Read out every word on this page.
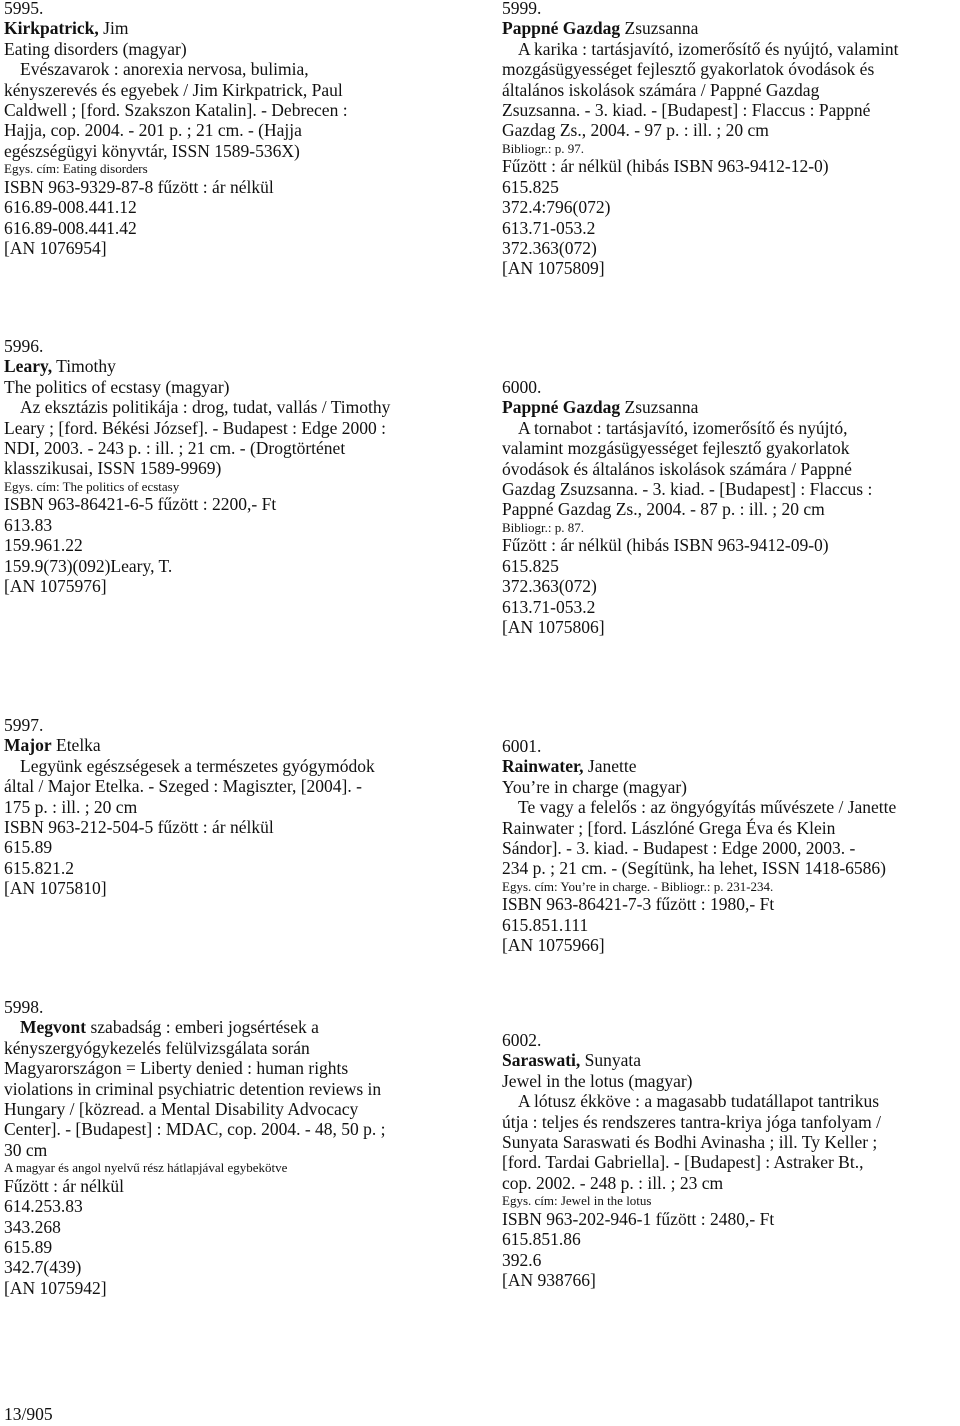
5995.
Kirkpatrick, Jim
Eating disorders (magyar)
Evészavarok : anorexia nervosa, bulimia,
kényszerevés és egyebek / Jim Kirkpatrick, Paul
Caldwell ; [ford. Szakszon Katalin]. - Debrecen :
Hajja, cop. 2004. - 201 p. ; 21 cm. - (Hajja
egészségügyi könyvtár, ISSN 1589-536X)
Egys. cím: Eating disorders
ISBN 963-9329-87-8 fűzött : ár nélkül
616.89-008.441.12
616.89-008.441.42
[AN 1076954]
5996.
Leary, Timothy
The politics of ecstasy (magyar)
Az eksztázis politikája : drog, tudat, vallás / Timothy
Leary ; [ford. Békési József]. - Budapest : Edge 2000 :
NDI, 2003. - 243 p. : ill. ; 21 cm. - (Drogtörténet
klasszikusai, ISSN 1589-9969)
Egys. cím: The politics of ecstasy
ISBN 963-86421-6-5 fűzött : 2200,- Ft
613.83
159.961.22
159.9(73)(092)Leary, T.
[AN 1075976]
5997.
Major Etelka
Legyünk egészségesek a természetes gyógymódok
által / Major Etelka. - Szeged : Magiszter, [2004]. -
175 p. : ill. ; 20 cm
ISBN 963-212-504-5 fűzött : ár nélkül
615.89
615.821.2
[AN 1075810]
5998.
Megvont szabadság : emberi jogsértések a
kényszergyógykezelés felülvizsgálata során
Magyarországon = Liberty denied : human rights
violations in criminal psychiatric detention reviews in
Hungary / [közread. a Mental Disability Advocacy
Center]. - [Budapest] : MDAC, cop. 2004. - 48, 50 p. ;
30 cm
A magyar és angol nyelvű rész hátlapjával egybekötve
Fűzött : ár nélkül
614.253.83
343.268
615.89
342.7(439)
[AN 1075942]
5999.
Pappné Gazdag Zsuzsanna
A karika : tartásjavító, izomerősítő és nyújtó, valamint
mozgásügyességet fejlesztő gyakorlatok óvodások és
általános iskolások számára / Pappné Gazdag
Zsuzsanna. - 3. kiad. - [Budapest] : Flaccus : Pappné
Gazdag Zs., 2004. - 97 p. : ill. ; 20 cm
Bibliogr.: p. 97.
Fűzött : ár nélkül (hibás ISBN 963-9412-12-0)
615.825
372.4:796(072)
613.71-053.2
372.363(072)
[AN 1075809]
6000.
Pappné Gazdag Zsuzsanna
A tornabot : tartásjavító, izomerősítő és nyújtó,
valamint mozgásügyességet fejlesztő gyakorlatok
óvodások és általános iskolások számára / Pappné
Gazdag Zsuzsanna. - 3. kiad. - [Budapest] : Flaccus :
Pappné Gazdag Zs., 2004. - 87 p. : ill. ; 20 cm
Bibliogr.: p. 87.
Fűzött : ár nélkül (hibás ISBN 963-9412-09-0)
615.825
372.363(072)
613.71-053.2
[AN 1075806]
6001.
Rainwater, Janette
You’re in charge (magyar)
Te vagy a felelős : az öngyógyítás művészete / Janette
Rainwater ; [ford. Lászlóné Grega Éva és Klein
Sándor]. - 3. kiad. - Budapest : Edge 2000, 2003. -
234 p. ; 21 cm. - (Segítünk, ha lehet, ISSN 1418-6586)
Egys. cím: You’re in charge. - Bibliogr.: p. 231-234.
ISBN 963-86421-7-3 fűzött : 1980,- Ft
615.851.111
[AN 1075966]
6002.
Saraswati, Sunyata
Jewel in the lotus (magyar)
A lótusz ékköve : a magasabb tudatállapot tantrikus
útja : teljes és rendszeres tantra-kriya jóga tanfolyam /
Sunyata Saraswati és Bodhi Avinasha ; ill. Ty Keller ;
[ford. Tardai Gabriella]. - [Budapest] : Astraker Bt.,
cop. 2002. - 248 p. : ill. ; 23 cm
Egys. cím: Jewel in the lotus
ISBN 963-202-946-1 fűzött : 2480,- Ft
615.851.86
392.6
[AN 938766]
13/905
